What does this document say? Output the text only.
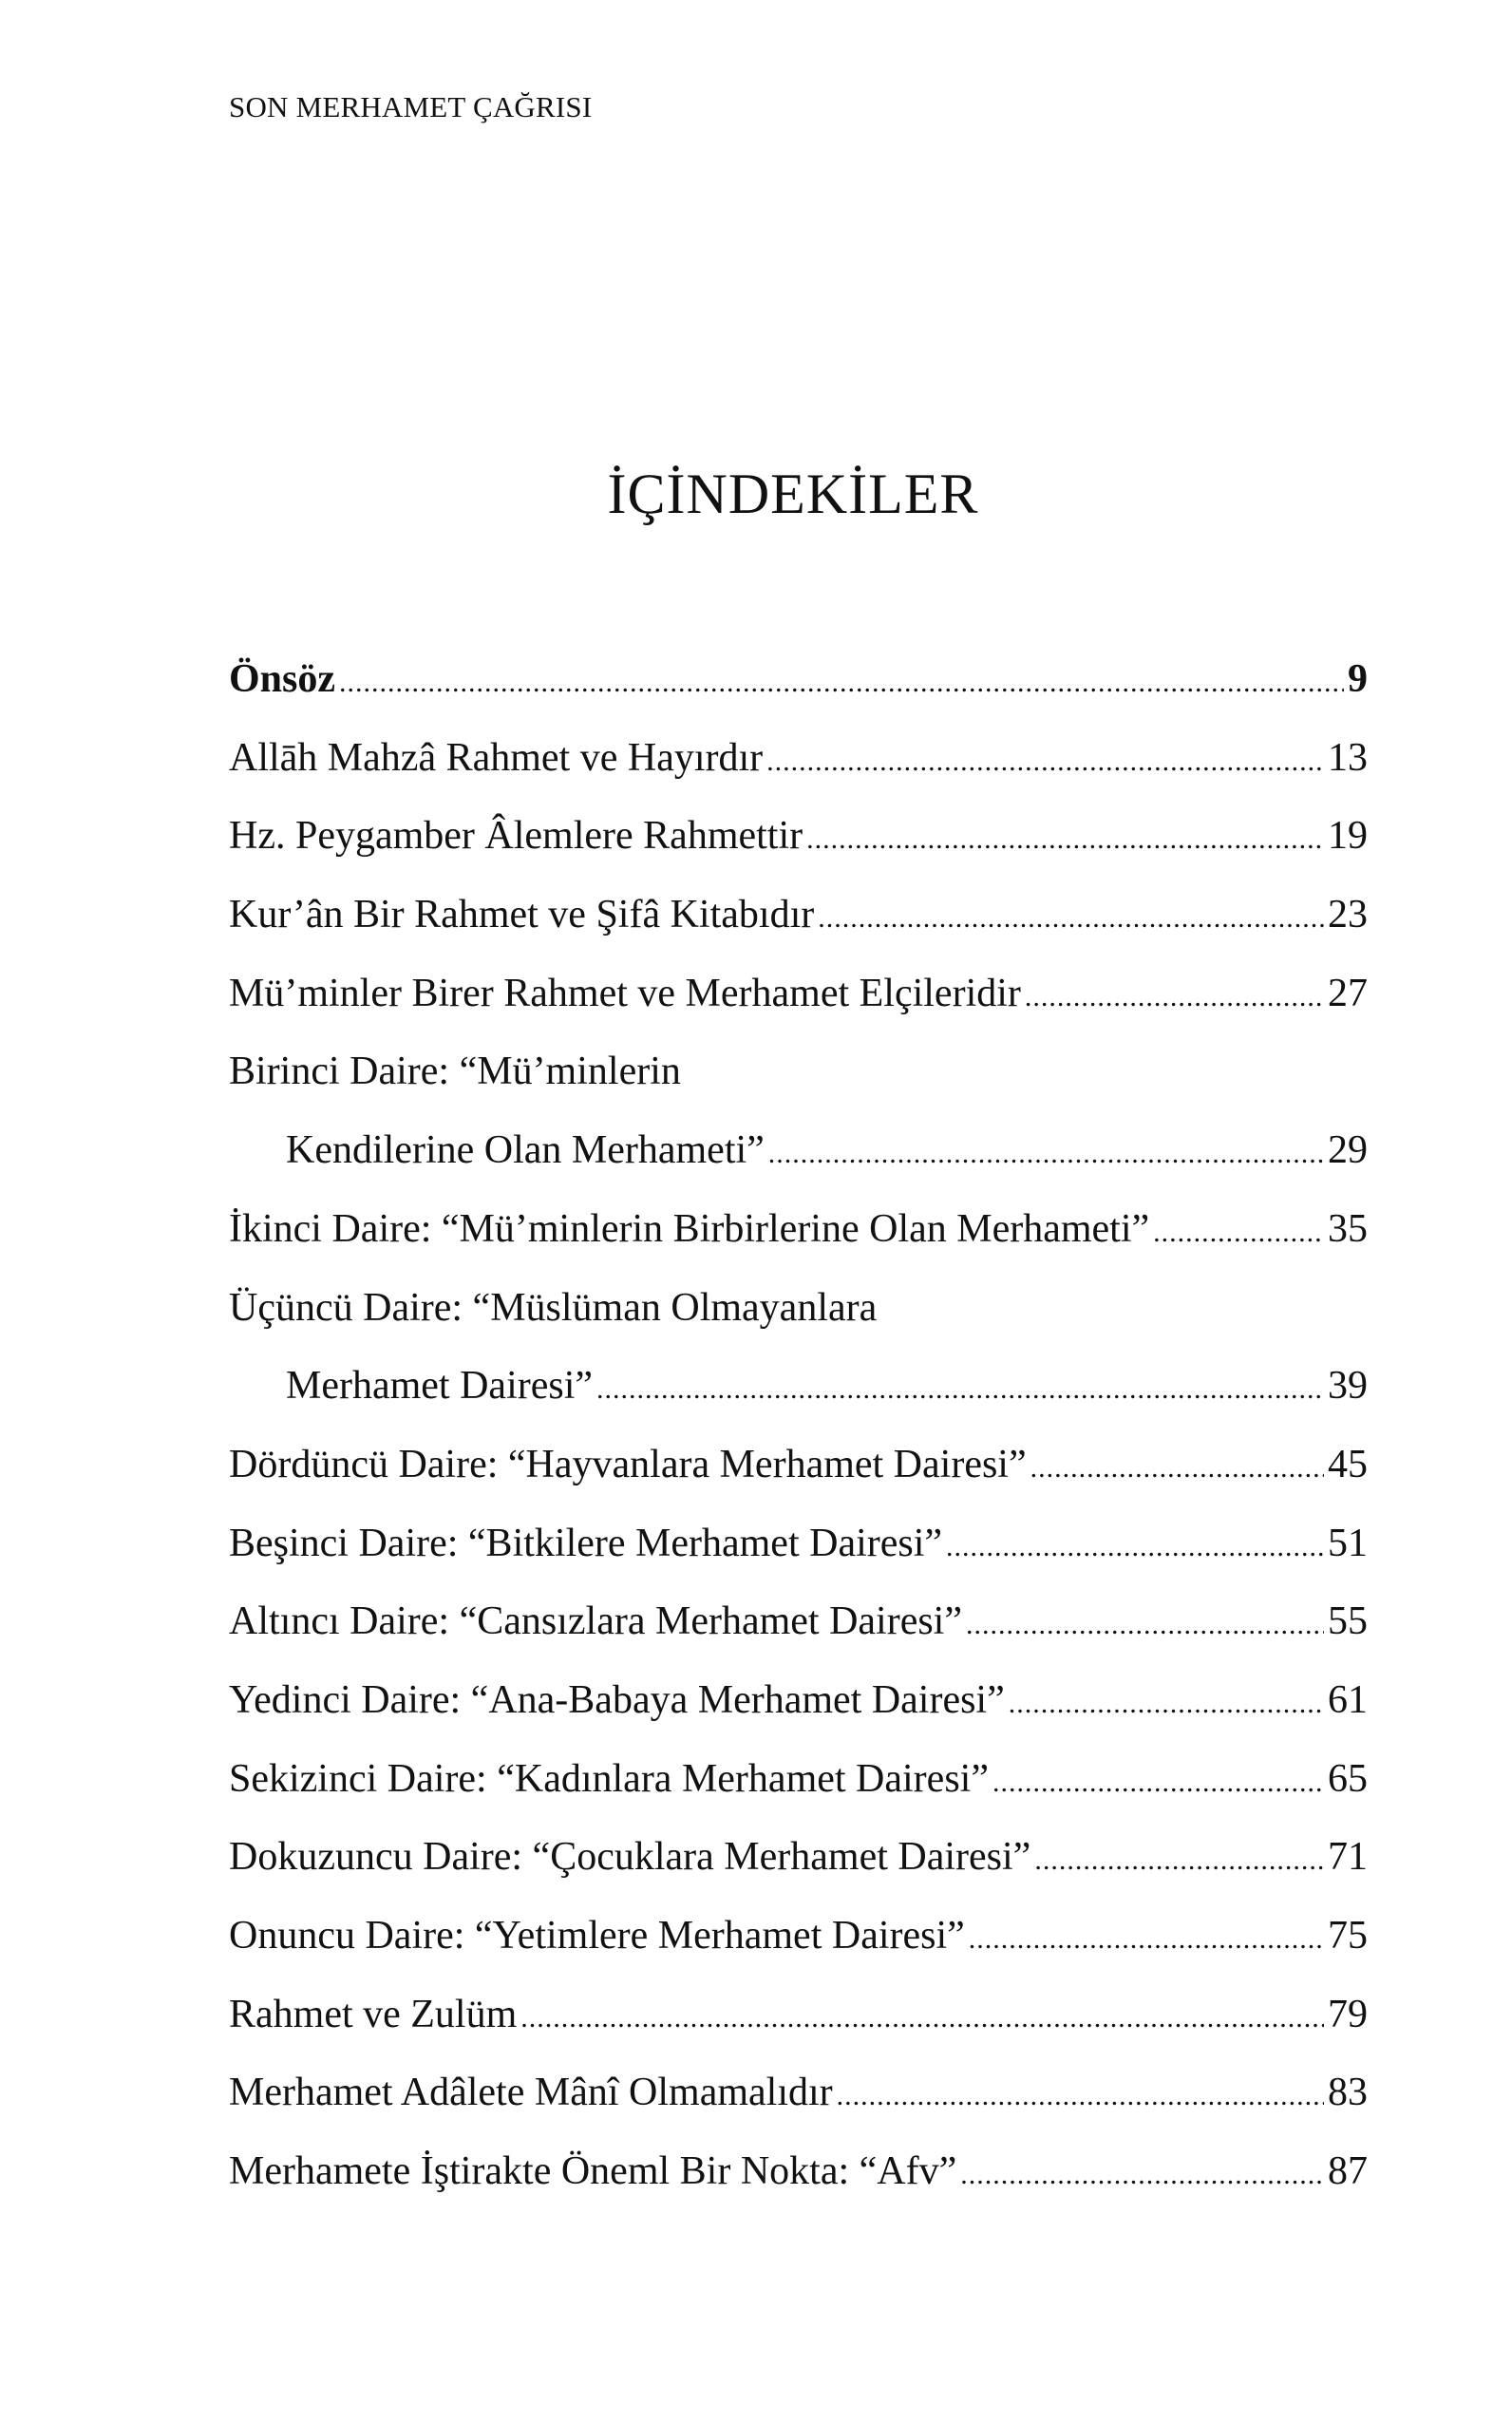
SON MERHAMET ÇAĞRISI
İÇİNDEKİLER
Önsöz .....	9
Allāh Mahzâ Rahmet ve Hayırdır .....	13
Hz. Peygamber Âlemlere Rahmettir .....	19
Kur’ân Bir Rahmet ve Şifâ Kitabıdır .....	23
Mü’minler Birer Rahmet ve Merhamet Elçileridir .....	27
Birinci Daire: “Mü’minlerin
Kendilerine Olan Merhameti” .....	29
İkinci Daire: “Mü’minlerin Birbirlerine Olan Merhameti” .....	35
Üçüncü Daire: “Müslüman Olmayanlara
Merhamet Dairesi” .....	39
Dördüncü Daire: “Hayvanlara Merhamet Dairesi” .....	45
Beşinci Daire: “Bitkilere Merhamet Dairesi” .....	51
Altıncı Daire: “Cansızlara Merhamet Dairesi” .....	55
Yedinci Daire: “Ana-Babaya Merhamet Dairesi” .....	61
Sekizinci Daire: “Kadınlara Merhamet Dairesi” .....	65
Dokuzuncu Daire: “Çocuklara Merhamet Dairesi” .....	71
Onuncu Daire: “Yetimlere Merhamet Dairesi” .....	75
Rahmet ve Zulüm .....	79
Merhamet Adâlete Mânî Olmamalıdır .....	83
Merhamete İştirakte Öneml Bir Nokta: “Afv” .....	87
